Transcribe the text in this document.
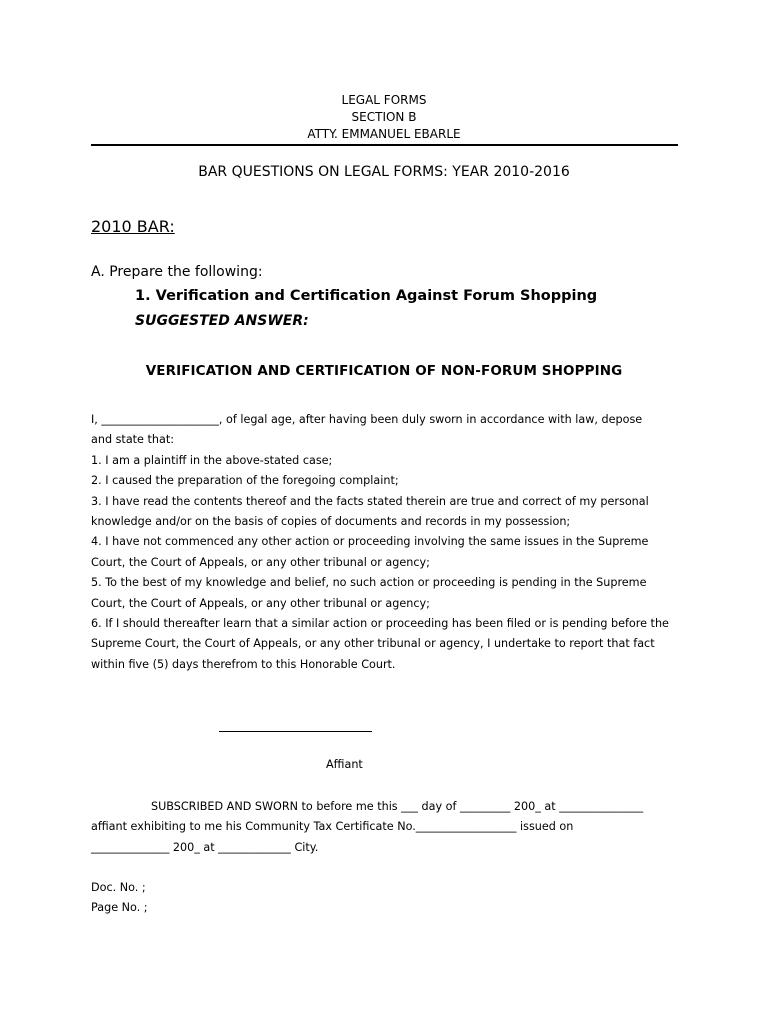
LEGAL FORMS
SECTION B
ATTY. EMMANUEL EBARLE
BAR QUESTIONS ON LEGAL FORMS: YEAR 2010-2016
2010 BAR:
A. Prepare the following:
1. Verification and Certification Against Forum Shopping
SUGGESTED ANSWER:
VERIFICATION AND CERTIFICATION OF NON-FORUM SHOPPING
I, _____________________, of legal age, after having been duly sworn in accordance with law, depose
and state that:
1. I am a plaintiff in the above-stated case;
2. I caused the preparation of the foregoing complaint;
3. I have read the contents thereof and the facts stated therein are true and correct of my personal
knowledge and/or on the basis of copies of documents and records in my possession;
4. I have not commenced any other action or proceeding involving the same issues in the Supreme
Court, the Court of Appeals, or any other tribunal or agency;
5. To the best of my knowledge and belief, no such action or proceeding is pending in the Supreme
Court, the Court of Appeals, or any other tribunal or agency;
6. If I should thereafter learn that a similar action or proceeding has been filed or is pending before the
Supreme Court, the Court of Appeals, or any other tribunal or agency, I undertake to report that fact
within five (5) days therefrom to this Honorable Court.
Affiant
SUBSCRIBED AND SWORN to before me this ___ day of _________ 200_ at _______________
affiant exhibiting to me his Community Tax Certificate No.__________________ issued on
______________ 200_ at _____________ City.
Doc. No. ;
Page No. ;
